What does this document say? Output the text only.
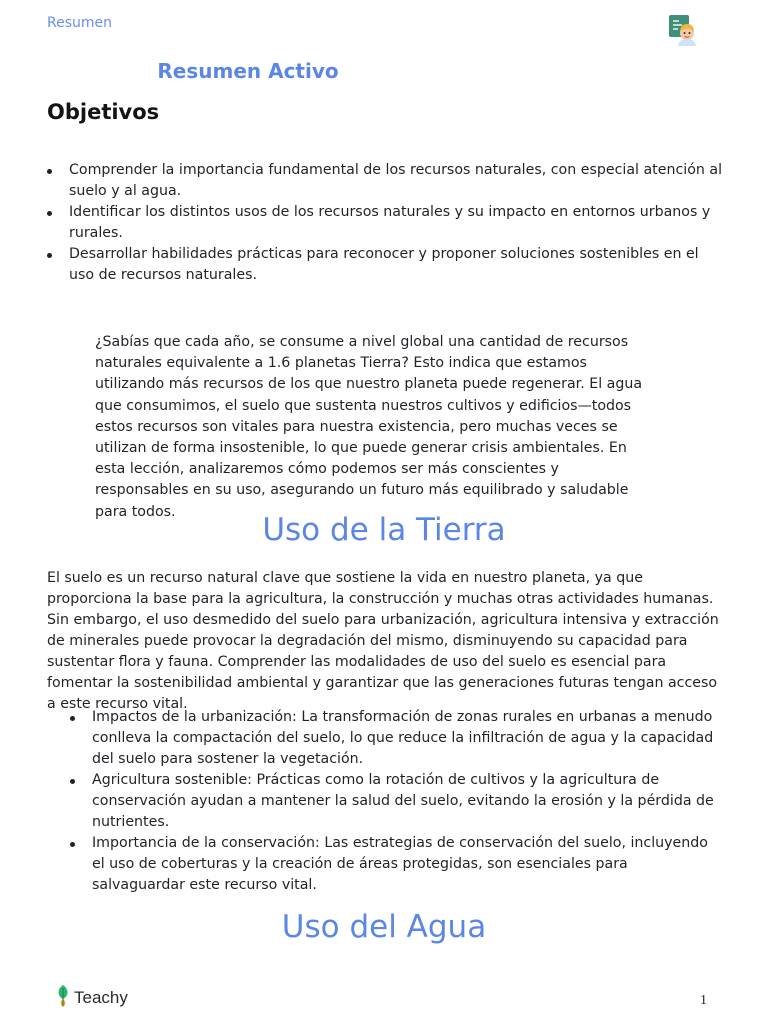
Resumen
Resumen Activo
Objetivos
Comprender la importancia fundamental de los recursos naturales, con especial atención al suelo y al agua.
Identificar los distintos usos de los recursos naturales y su impacto en entornos urbanos y rurales.
Desarrollar habilidades prácticas para reconocer y proponer soluciones sostenibles en el uso de recursos naturales.
¿Sabías que cada año, se consume a nivel global una cantidad de recursos naturales equivalente a 1.6 planetas Tierra? Esto indica que estamos utilizando más recursos de los que nuestro planeta puede regenerar. El agua que consumimos, el suelo que sustenta nuestros cultivos y edificios—todos estos recursos son vitales para nuestra existencia, pero muchas veces se utilizan de forma insostenible, lo que puede generar crisis ambientales. En esta lección, analizaremos cómo podemos ser más conscientes y responsables en su uso, asegurando un futuro más equilibrado y saludable para todos.
Uso de la Tierra
El suelo es un recurso natural clave que sostiene la vida en nuestro planeta, ya que proporciona la base para la agricultura, la construcción y muchas otras actividades humanas. Sin embargo, el uso desmedido del suelo para urbanización, agricultura intensiva y extracción de minerales puede provocar la degradación del mismo, disminuyendo su capacidad para sustentar flora y fauna. Comprender las modalidades de uso del suelo es esencial para fomentar la sostenibilidad ambiental y garantizar que las generaciones futuras tengan acceso a este recurso vital.
Impactos de la urbanización: La transformación de zonas rurales en urbanas a menudo conlleva la compactación del suelo, lo que reduce la infiltración de agua y la capacidad del suelo para sostener la vegetación.
Agricultura sostenible: Prácticas como la rotación de cultivos y la agricultura de conservación ayudan a mantener la salud del suelo, evitando la erosión y la pérdida de nutrientes.
Importancia de la conservación: Las estrategias de conservación del suelo, incluyendo el uso de coberturas y la creación de áreas protegidas, son esenciales para salvaguardar este recurso vital.
Uso del Agua
Teachy	1
